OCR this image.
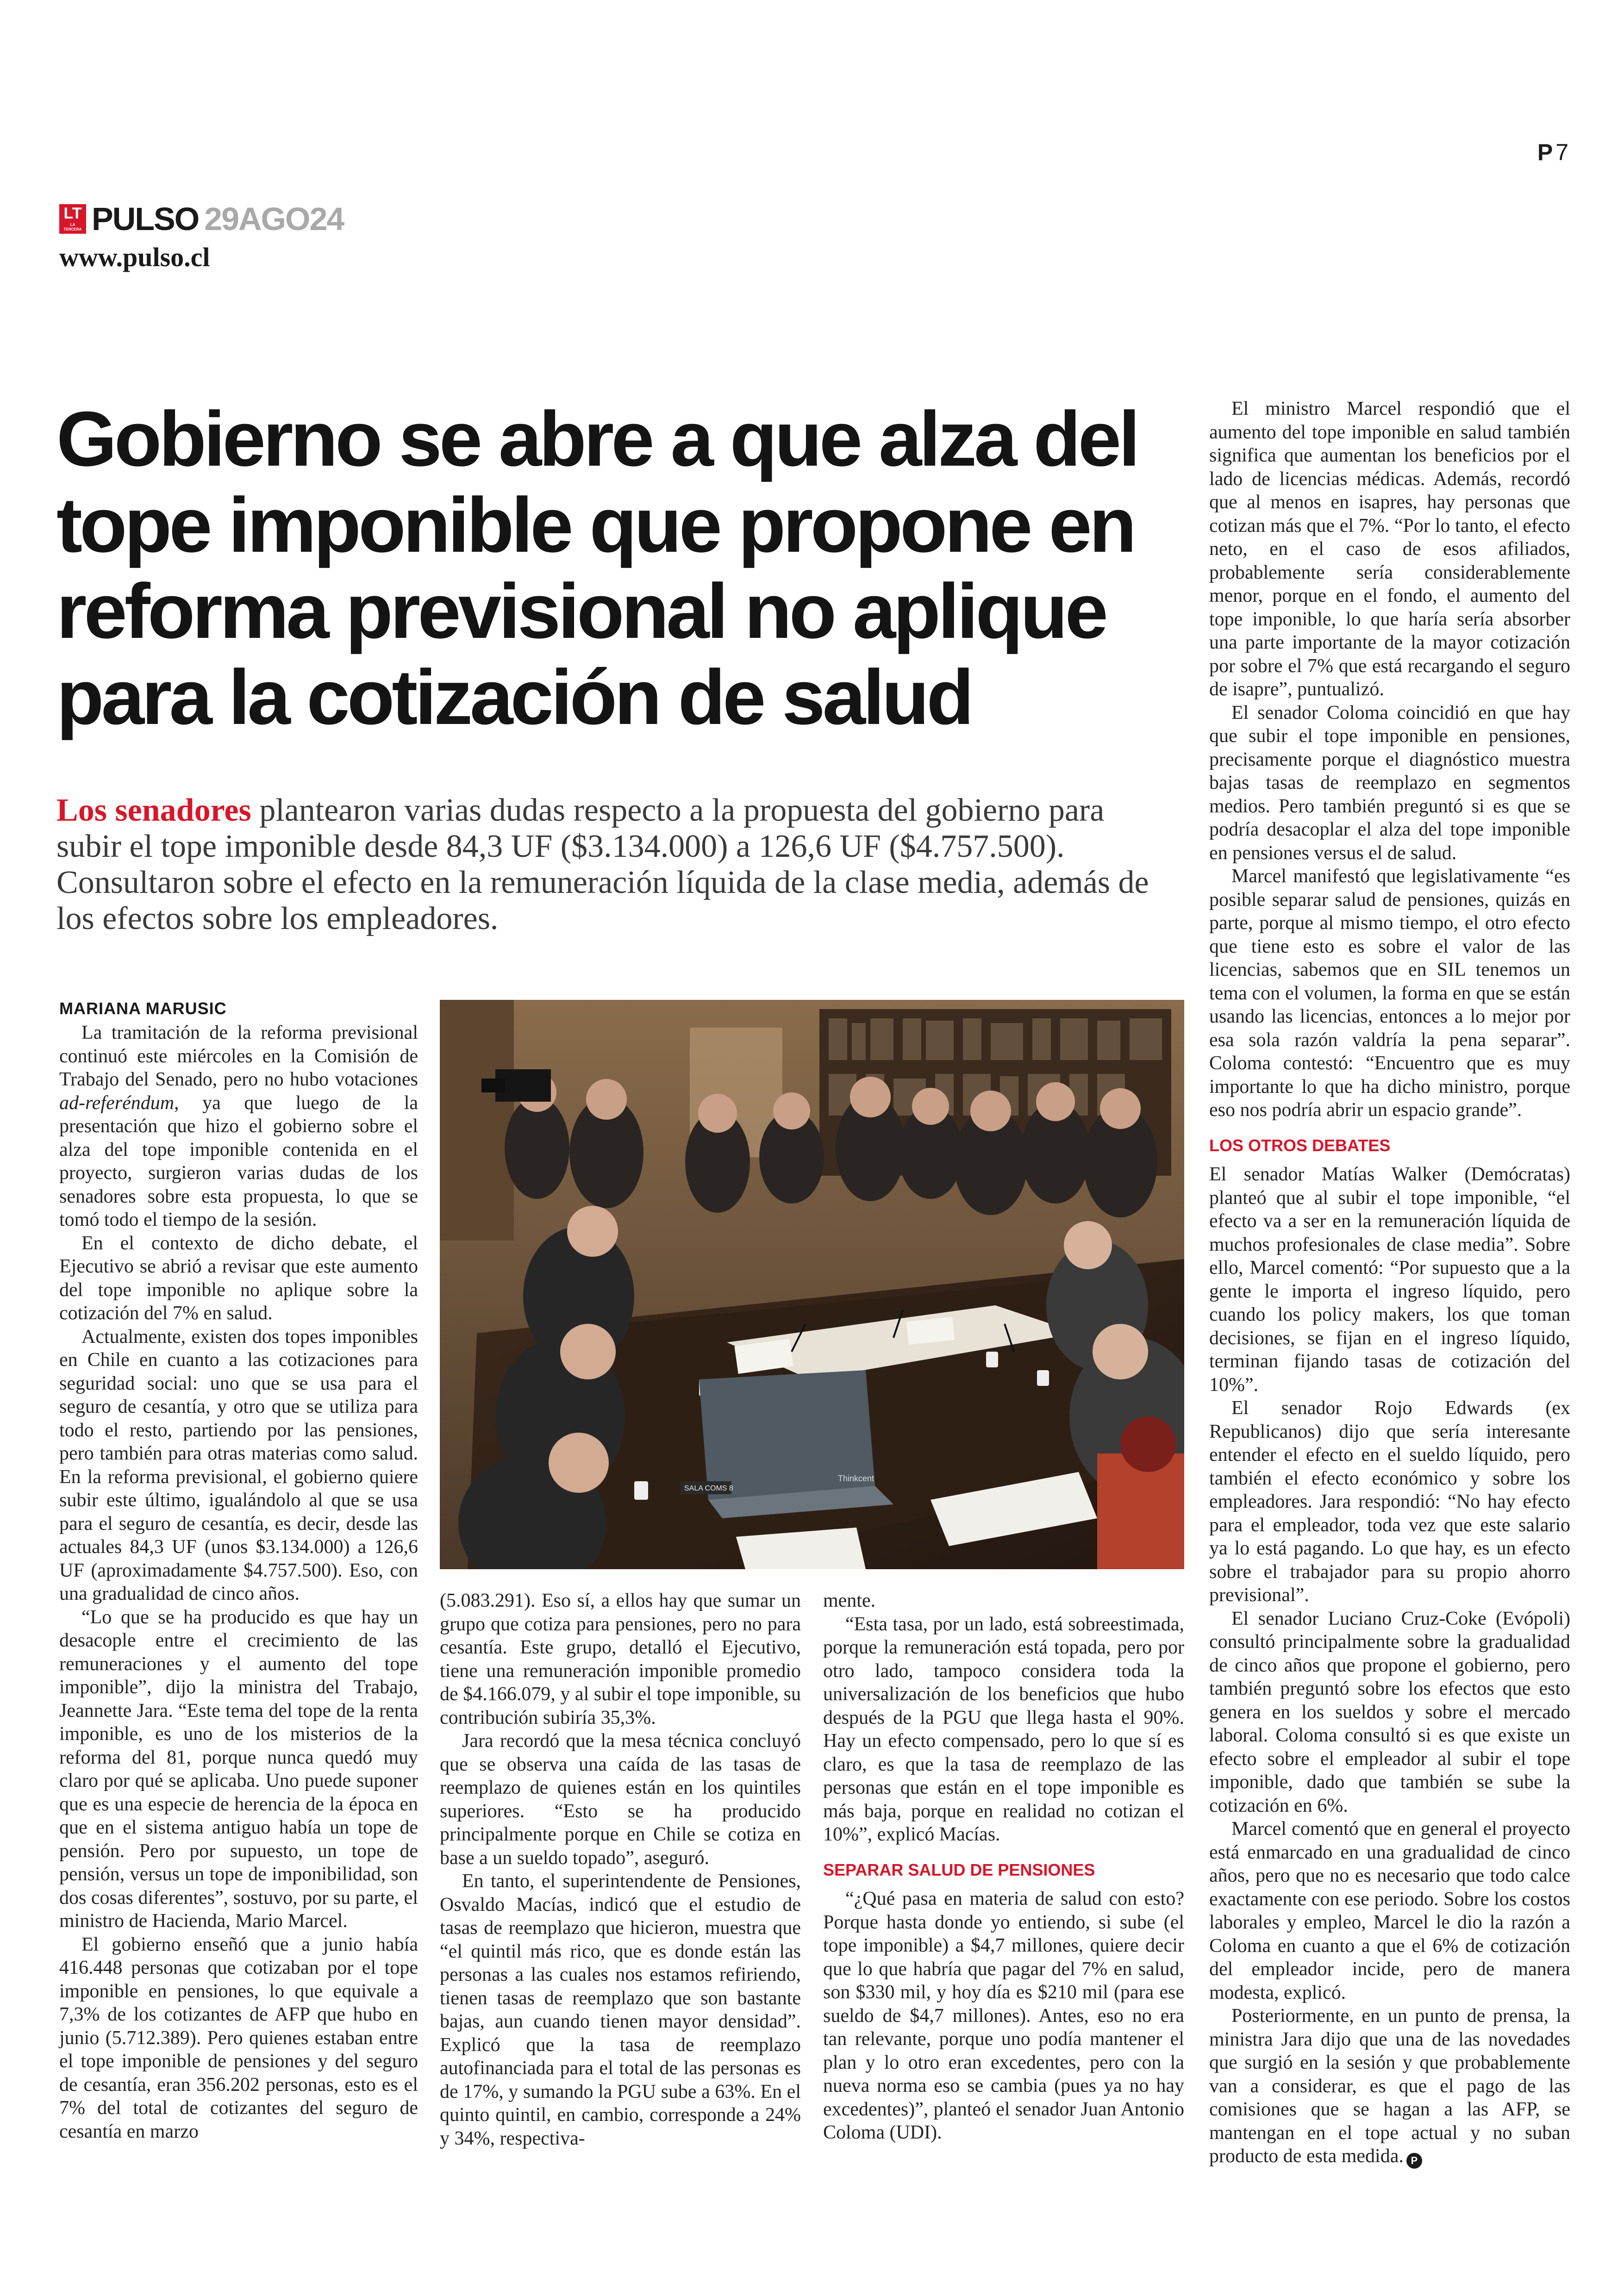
P 7
LT
LA TERCERA PULSO 29AGO24
www.pulso.cl
Gobierno se abre a que alza del tope imponible que propone en reforma previsional no aplique para la cotización de salud

Los senadores plantearon varias dudas respecto a la propuesta del gobierno para subir el tope imponible desde 84,3 UF ($3.134.000) a 126,6 UF ($4.757.500). Consultaron sobre el efecto en la remuneración líquida de la clase media, además de los efectos sobre los empleadores.

MARIANA MARUSIC

La tramitación de la reforma previsional continuó este miércoles en la Comisión de Trabajo del Senado, pero no hubo votaciones ad-referéndum, ya que luego de la presentación que hizo el gobierno sobre el alza del tope imponible contenida en el proyecto, surgieron varias dudas de los senadores sobre esta propuesta, lo que se tomó todo el tiempo de la sesión.

En el contexto de dicho debate, el Ejecutivo se abrió a revisar que este aumento del tope imponible no aplique sobre la cotización del 7% en salud.

Actualmente, existen dos topes imponibles en Chile en cuanto a las cotizaciones para seguridad social: uno que se usa para el seguro de cesantía, y otro que se utiliza para todo el resto, partiendo por las pensiones, pero también para otras materias como salud. En la reforma previsional, el gobierno quiere subir este último, igualándolo al que se usa para el seguro de cesantía, es decir, desde las actuales 84,3 UF (unos $3.134.000) a 126,6 UF (aproximadamente $4.757.500). Eso, con una gradualidad de cinco años.

“Lo que se ha producido es que hay un desacople entre el crecimiento de las remuneraciones y el aumento del tope imponible”, dijo la ministra del Trabajo, Jeannette Jara. “Este tema del tope de la renta imponible, es uno de los misterios de la reforma del 81, porque nunca quedó muy claro por qué se aplicaba. Uno puede suponer que es una especie de herencia de la época en que en el sistema antiguo había un tope de pensión. Pero por supuesto, un tope de pensión, versus un tope de imponibilidad, son dos cosas diferentes”, sostuvo, por su parte, el ministro de Hacienda, Mario Marcel.

El gobierno enseñó que a junio había 416.448 personas que cotizaban por el tope imponible en pensiones, lo que equivale a 7,3% de los cotizantes de AFP que hubo en junio (5.712.389). Pero quienes estaban entre el tope imponible de pensiones y del seguro de cesantía, eran 356.202 personas, esto es el 7% del total de cotizantes del seguro de cesantía en marzo

Thinkcent
SALA COMS 8

(5.083.291). Eso sí, a ellos hay que sumar un grupo que cotiza para pensiones, pero no para cesantía. Este grupo, detalló el Ejecutivo, tiene una remuneración imponible promedio de $4.166.079, y al subir el tope imponible, su contribución subiría 35,3%.

Jara recordó que la mesa técnica concluyó que se observa una caída de las tasas de reemplazo de quienes están en los quintiles superiores. “Esto se ha producido principalmente porque en Chile se cotiza en base a un sueldo topado”, aseguró.

En tanto, el superintendente de Pensiones, Osvaldo Macías, indicó que el estudio de tasas de reemplazo que hicieron, muestra que “el quintil más rico, que es donde están las personas a las cuales nos estamos refiriendo, tienen tasas de reemplazo que son bastante bajas, aun cuando tienen mayor densidad”. Explicó que la tasa de reemplazo autofinanciada para el total de las personas es de 17%, y sumando la PGU sube a 63%. En el quinto quintil, en cambio, corresponde a 24% y 34%, respectiva-

mente.

“Esta tasa, por un lado, está sobreestimada, porque la remuneración está topada, pero por otro lado, tampoco considera toda la universalización de los beneficios que hubo después de la PGU que llega hasta el 90%. Hay un efecto compensado, pero lo que sí es claro, es que la tasa de reemplazo de las personas que están en el tope imponible es más baja, porque en realidad no cotizan el 10%”, explicó Macías.

SEPARAR SALUD DE PENSIONES

“¿Qué pasa en materia de salud con esto? Porque hasta donde yo entiendo, si sube (el tope imponible) a $4,7 millones, quiere decir que lo que habría que pagar del 7% en salud, son $330 mil, y hoy día es $210 mil (para ese sueldo de $4,7 millones). Antes, eso no era tan relevante, porque uno podía mantener el plan y lo otro eran excedentes, pero con la nueva norma eso se cambia (pues ya no hay excedentes)”, planteó el senador Juan Antonio Coloma (UDI).

El ministro Marcel respondió que el aumento del tope imponible en salud también significa que aumentan los beneficios por el lado de licencias médicas. Además, recordó que al menos en isapres, hay personas que cotizan más que el 7%. “Por lo tanto, el efecto neto, en el caso de esos afiliados, probablemente sería considerablemente menor, porque en el fondo, el aumento del tope imponible, lo que haría sería absorber una parte importante de la mayor cotización por sobre el 7% que está recargando el seguro de isapre”, puntualizó.

El senador Coloma coincidió en que hay que subir el tope imponible en pensiones, precisamente porque el diagnóstico muestra bajas tasas de reemplazo en segmentos medios. Pero también preguntó si es que se podría desacoplar el alza del tope imponible en pensiones versus el de salud.

Marcel manifestó que legislativamente “es posible separar salud de pensiones, quizás en parte, porque al mismo tiempo, el otro efecto que tiene esto es sobre el valor de las licencias, sabemos que en SIL tenemos un tema con el volumen, la forma en que se están usando las licencias, entonces a lo mejor por esa sola razón valdría la pena separar”. Coloma contestó: “Encuentro que es muy importante lo que ha dicho ministro, porque eso nos podría abrir un espacio grande”.

LOS OTROS DEBATES

El senador Matías Walker (Demócratas) planteó que al subir el tope imponible, “el efecto va a ser en la remuneración líquida de muchos profesionales de clase media”. Sobre ello, Marcel comentó: “Por supuesto que a la gente le importa el ingreso líquido, pero cuando los policy makers, los que toman decisiones, se fijan en el ingreso líquido, terminan fijando tasas de cotización del 10%”.

El senador Rojo Edwards (ex Republicanos) dijo que sería interesante entender el efecto en el sueldo líquido, pero también el efecto económico y sobre los empleadores. Jara respondió: “No hay efecto para el empleador, toda vez que este salario ya lo está pagando. Lo que hay, es un efecto sobre el trabajador para su propio ahorro previsional”.

El senador Luciano Cruz-Coke (Evópoli) consultó principalmente sobre la gradualidad de cinco años que propone el gobierno, pero también preguntó sobre los efectos que esto genera en los sueldos y sobre el mercado laboral. Coloma consultó si es que existe un efecto sobre el empleador al subir el tope imponible, dado que también se sube la cotización en 6%.

Marcel comentó que en general el proyecto está enmarcado en una gradualidad de cinco años, pero que no es necesario que todo calce exactamente con ese periodo. Sobre los costos laborales y empleo, Marcel le dio la razón a Coloma en cuanto a que el 6% de cotización del empleador incide, pero de manera modesta, explicó.

Posteriormente, en un punto de prensa, la ministra Jara dijo que una de las novedades que surgió en la sesión y que probablemente van a considerar, es que el pago de las comisiones que se hagan a las AFP, se mantengan en el tope actual y no suban producto de esta medida. P
